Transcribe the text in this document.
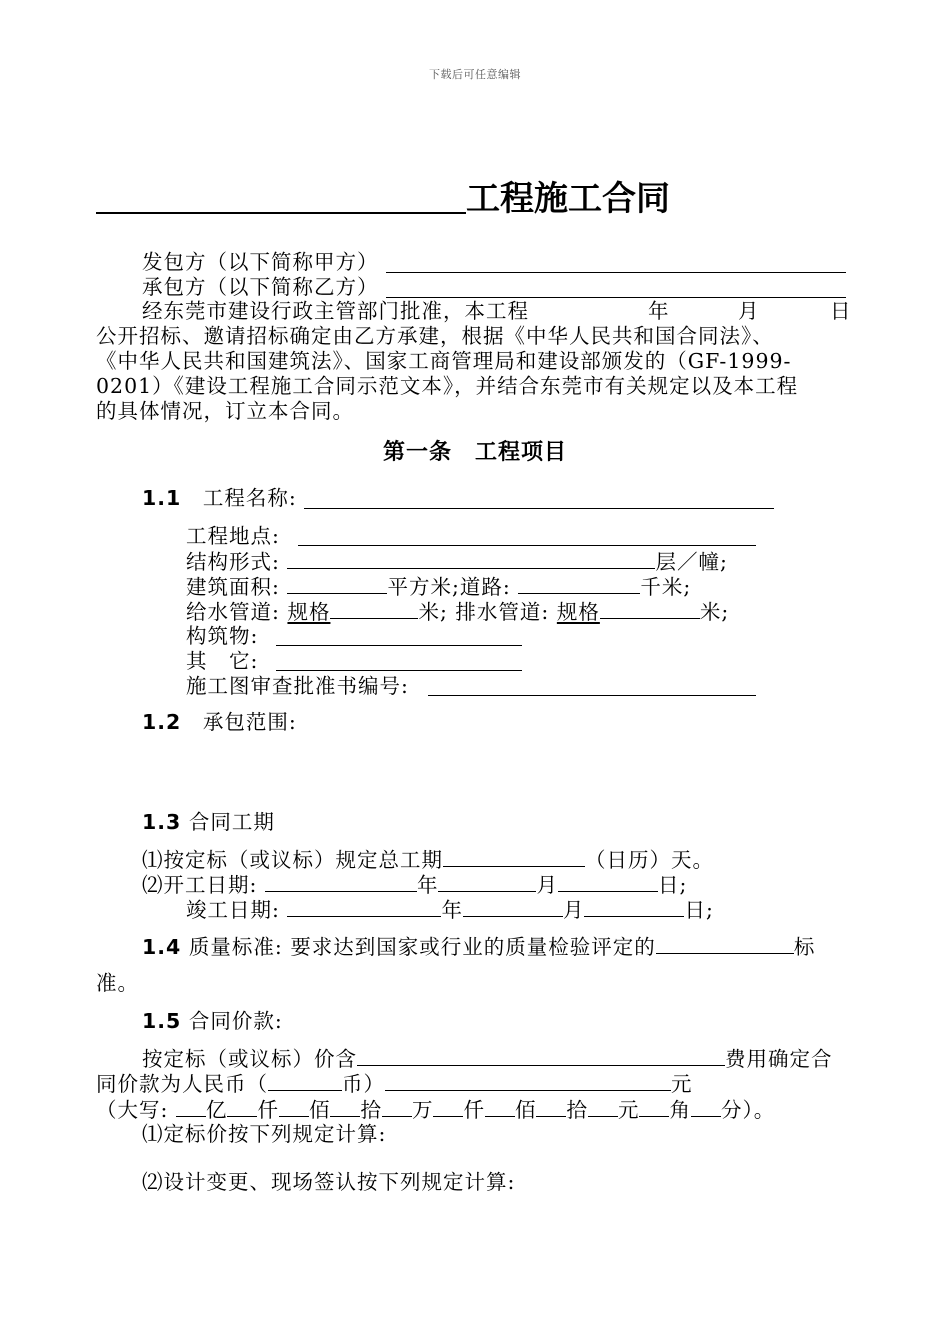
下载后可任意编辑
工程施工合同
发包方（以下简称甲方）
承包方（以下简称乙方）
经东莞市建设行政主管部门批准，本工程	年	月	日
公开招标、邀请招标确定由乙方承建，根据《中华人民共和国合同法》、
《中华人民共和国建筑法》、国家工商管理局和建设部颁发的（GF-1999-
0201）《建设工程施工合同示范文本》，并结合东莞市有关规定以及本工程
的具体情况，订立本合同。
第一条　工程项目
1.1　 工程名称:
工程地点:
结构形式:	层／幢;
建筑面积:	平方米;道路:	千米;
给水管道: 规格	米; 排水管道: 规格	米;
构筑物:
其　它:
施工图审查批准书编号:
1.2　 承包范围:
1.3 合同工期
⑴按定标（或议标）规定总工期	（日历）天。
⑵开工日期:	年	月	日;
竣工日期:	年	月	日;
1.4 质量标准: 要求达到国家或行业的质量检验评定的	标
准。
1.5 合同价款:
按定标（或议标）价含	费用确定合
同价款为人民币（	币）	元
（大写: 亿 仟 佰 拾 万 仟 佰 拾 元 角 分）。
⑴定标价按下列规定计算:
⑵设计变更、现场签认按下列规定计算:
